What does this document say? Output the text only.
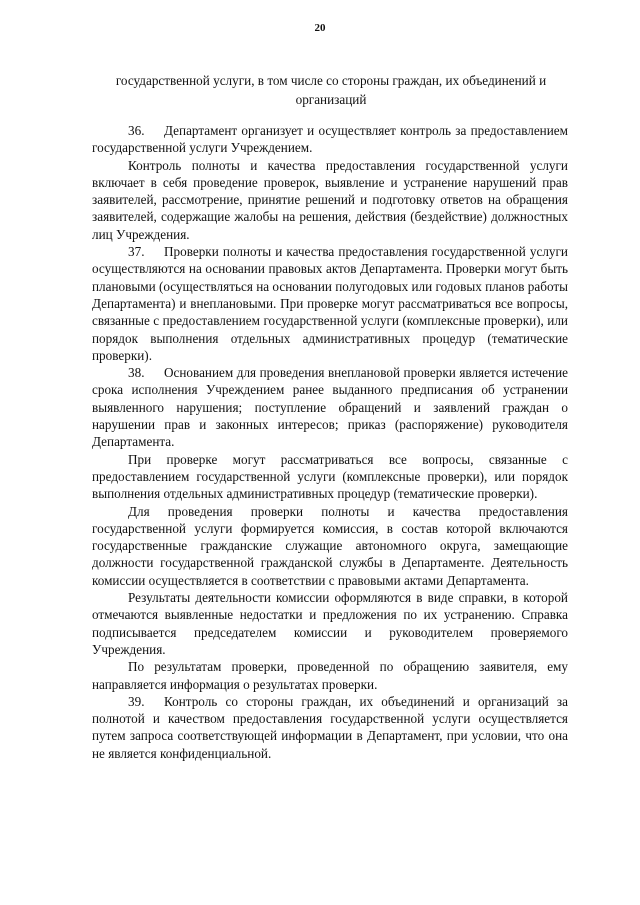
20
государственной услуги, в том числе со стороны граждан, их объединений и организаций

36. Департамент организует и осуществляет контроль за предоставлением государственной услуги Учреждением.

Контроль полноты и качества предоставления государственной услуги включает в себя проведение проверок, выявление и устранение нарушений прав заявителей, рассмотрение, принятие решений и подготовку ответов на обращения заявителей, содержащие жалобы на решения, действия (бездействие) должностных лиц Учреждения.

37. Проверки полноты и качества предоставления государственной услуги осуществляются на основании правовых актов Департамента. Проверки могут быть плановыми (осуществляться на основании полугодовых или годовых планов работы Департамента) и внеплановыми. При проверке могут рассматриваться все вопросы, связанные с предоставлением государственной услуги (комплексные проверки), или порядок выполнения отдельных административных процедур (тематические проверки).

38. Основанием для проведения внеплановой проверки является истечение срока исполнения Учреждением ранее выданного предписания об устранении выявленного нарушения; поступление обращений и заявлений граждан о нарушении прав и законных интересов; приказ (распоряжение) руководителя Департамента.

При проверке могут рассматриваться все вопросы, связанные с предоставлением государственной услуги (комплексные проверки), или порядок выполнения отдельных административных процедур (тематические проверки).

Для проведения проверки полноты и качества предоставления государственной услуги формируется комиссия, в состав которой включаются государственные гражданские служащие автономного округа, замещающие должности государственной гражданской службы в Департаменте. Деятельность комиссии осуществляется в соответствии с правовыми актами Департамента.

Результаты деятельности комиссии оформляются в виде справки, в которой отмечаются выявленные недостатки и предложения по их устранению. Справка подписывается председателем комиссии и руководителем проверяемого Учреждения.

По результатам проверки, проведенной по обращению заявителя, ему направляется информация о результатах проверки.

39. Контроль со стороны граждан, их объединений и организаций за полнотой и качеством предоставления государственной услуги осуществляется путем запроса соответствующей информации в Департамент, при условии, что она не является конфиденциальной.
